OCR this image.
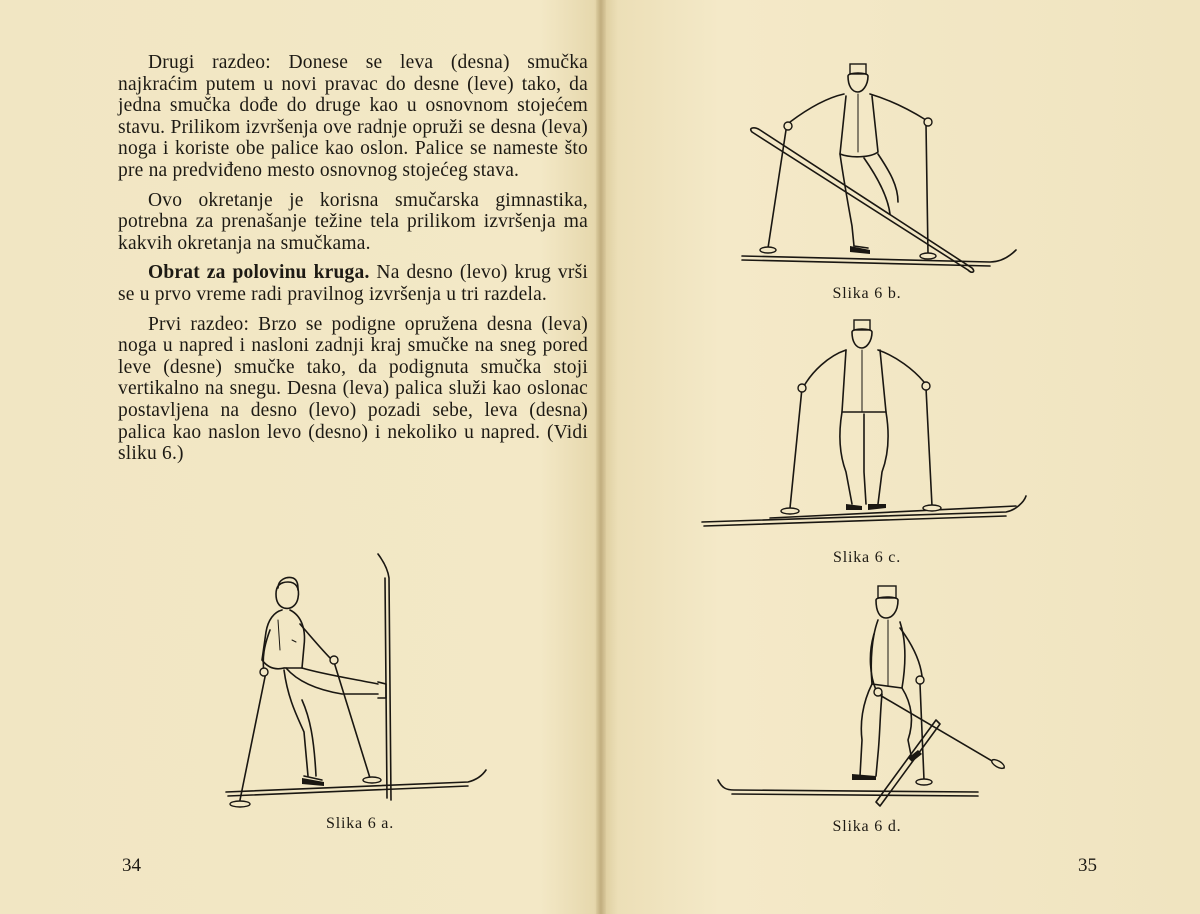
Drugi razdeo: Donese se leva (desna) smučka najkraćim putem u novi pravac do desne (leve) tako, da jedna smučka dođe do druge kao u osnovnom stojećem stavu. Prilikom izvršenja ove radnje opruži se desna (leva) noga i koriste obe palice kao oslon. Palice se nameste što pre na predviđeno mesto osnovnog stojećeg stava.

Ovo okretanje je korisna smučarska gimnastika, potrebna za prenašanje težine tela prilikom izvršenja ma kakvih okretanja na smučkama.

Obrat za polovinu kruga. Na desno (levo) krug vrši se u prvo vreme radi pravilnog izvršenja u tri razdela.

Prvi razdeo: Brzo se podigne opružena desna (leva) noga u napred i nasloni zadnji kraj smučke na sneg pored leve (desne) smučke tako, da podignuta smučka stoji vertikalno na snegu. Desna (leva) palica služi kao oslonac postavljena na desno (levo) pozadi sebe, leva (desna) palica kao naslon levo (desno) i nekoliko u napred. (Vidi sliku 6.)

Slika 6 a.
34
Slika 6 b.
Slika 6 c.
Slika 6 d.
35
